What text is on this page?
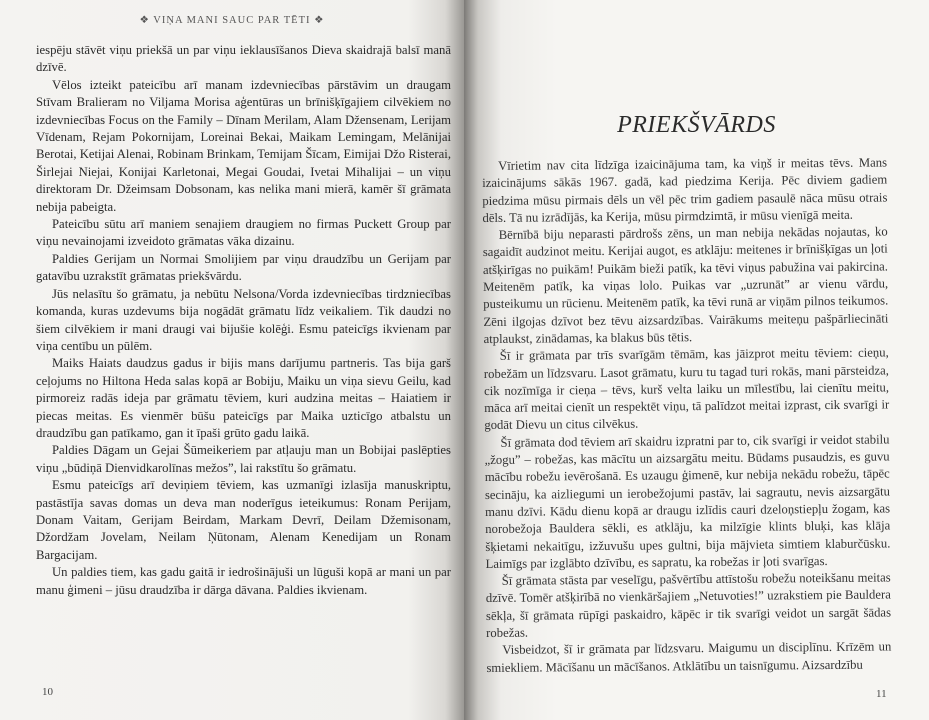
❖ VIŅA MANI SAUC PAR TĒTI ❖

iespēju stāvēt viņu priekšā un par viņu ieklausīšanos Dieva skaidrajā balsī manā dzīvē.

Vēlos izteikt pateicību arī manam izdevniecības pārstāvim un draugam Stīvam Bralieram no Viljama Morisa aģentūras un brīnišķīgajiem cilvēkiem no izdevniecības Focus on the Family – Dīnam Merilam, Alam Džensenam, Lerijam Vīdenam, Rejam Pokornijam, Loreinai Bekai, Maikam Lemingam, Melānijai Berotai, Ketijai Alenai, Robinam Brinkam, Temijam Šīcam, Eimijai Džo Risterai, Širlejai Niejai, Konijai Karletonai, Megai Goudai, Ivetai Mihalijai – un viņu direktoram Dr. Džeimsam Dobsonam, kas nelika mani mierā, kamēr šī grāmata nebija pabeigta.

Pateicību sūtu arī maniem senajiem draugiem no firmas Puckett Group par viņu nevainojami izveidoto grāmatas vāka dizainu.

Paldies Gerijam un Normai Smolijiem par viņu draudzību un Gerijam par gatavību uzrakstīt grāmatas priekšvārdu.

Jūs nelasītu šo grāmatu, ja nebūtu Nelsona/Vorda izdevniecības tirdzniecības komanda, kuras uzdevums bija nogādāt grāmatu līdz veikaliem. Tik daudzi no šiem cilvēkiem ir mani draugi vai bijušie kolēģi. Esmu pateicīgs ikvienam par viņa centību un pūlēm.

Maiks Haiats daudzus gadus ir bijis mans darījumu partneris. Tas bija garš ceļojums no Hiltona Heda salas kopā ar Bobiju, Maiku un viņa sievu Geilu, kad pirmoreiz radās ideja par grāmatu tēviem, kuri audzina meitas – Haiatiem ir piecas meitas. Es vienmēr būšu pateicīgs par Maika uzticīgo atbalstu un draudzību gan patīkamo, gan it īpaši grūto gadu laikā.

Paldies Dāgam un Gejai Šūmeikeriem par atļauju man un Bobijai paslēpties viņu „būdiņā Dienvidkarolīnas mežos”, lai rakstītu šo grāmatu.

Esmu pateicīgs arī deviņiem tēviem, kas uzmanīgi izlasīja manuskriptu, pastāstīja savas domas un deva man noderīgus ieteikumus: Ronam Perijam, Donam Vaitam, Gerijam Beirdam, Markam Devrī, Deilam Džemisonam, Džordžam Jovelam, Neilam Ņūtonam, Alenam Kenedijam un Ronam Bargacijam.

Un paldies tiem, kas gadu gaitā ir iedrošinājuši un lūguši kopā ar mani un par manu ģimeni – jūsu draudzība ir dārga dāvana. Paldies ikvienam.

10
PRIEKŠVĀRDS

Vīrietim nav cita līdzīga izaicinājuma tam, ka viņš ir meitas tēvs. Mans izaicinājums sākās 1967. gadā, kad piedzima Kerija. Pēc diviem gadiem piedzima mūsu pirmais dēls un vēl pēc trim gadiem pasaulē nāca mūsu otrais dēls. Tā nu izrādījās, ka Kerija, mūsu pirmdzimtā, ir mūsu vienīgā meita.

Bērnībā biju neparasti pārdrošs zēns, un man nebija nekādas nojautas, ko sagaidīt audzinot meitu. Kerijai augot, es atklāju: meitenes ir brīnišķīgas un ļoti atšķirīgas no puikām! Puikām bieži patīk, ka tēvi viņus pabužina vai pakircina. Meitenēm patīk, ka viņas lolo. Puikas var „uzrunāt” ar vienu vārdu, pusteikumu un rūcienu. Meitenēm patīk, ka tēvi runā ar viņām pilnos teikumos. Zēni ilgojas dzīvot bez tēvu aizsardzības. Vairākums meiteņu pašpārliecināti atplaukst, zinādamas, ka blakus būs tētis.

Šī ir grāmata par trīs svarīgām tēmām, kas jāizprot meitu tēviem: cieņu, robežām un līdzsvaru. Lasot grāmatu, kuru tu tagad turi rokās, mani pārsteidza, cik nozīmīga ir cieņa – tēvs, kurš velta laiku un mīlestību, lai cienītu meitu, māca arī meitai cienīt un respektēt viņu, tā palīdzot meitai izprast, cik svarīgi ir godāt Dievu un citus cilvēkus.

Šī grāmata dod tēviem arī skaidru izpratni par to, cik svarīgi ir veidot stabilu „žogu” – robežas, kas mācītu un aizsargātu meitu. Būdams pusaudzis, es guvu mācību robežu ievērošanā. Es uzaugu ģimenē, kur nebija nekādu robežu, tāpēc secināju, ka aizliegumi un ierobežojumi pastāv, lai sagrautu, nevis aizsargātu manu dzīvi. Kādu dienu kopā ar draugu izlīdis cauri dzeloņstiepļu žogam, kas norobežoja Bauldera sēkli, es atklāju, ka milzīgie klints bluķi, kas klāja šķietami nekaitīgu, izžuvušu upes gultni, bija mājvieta simtiem klaburčūsku. Laimīgs par izglābto dzīvību, es sapratu, ka robežas ir ļoti svarīgas.

Šī grāmata stāsta par veselīgu, pašvērtību attīstošu robežu noteikšanu meitas dzīvē. Tomēr atšķirībā no vienkāršajiem „Netuvoties!” uzrakstiem pie Bauldera sēkļa, šī grāmata rūpīgi paskaidro, kāpēc ir tik svarīgi veidot un sargāt šādas robežas.

Visbeidzot, šī ir grāmata par līdzsvaru. Maigumu un disciplīnu. Krīzēm un smiekliem. Mācīšanu un mācīšanos. Atklātību un taisnīgumu. Aizsardzību

11
